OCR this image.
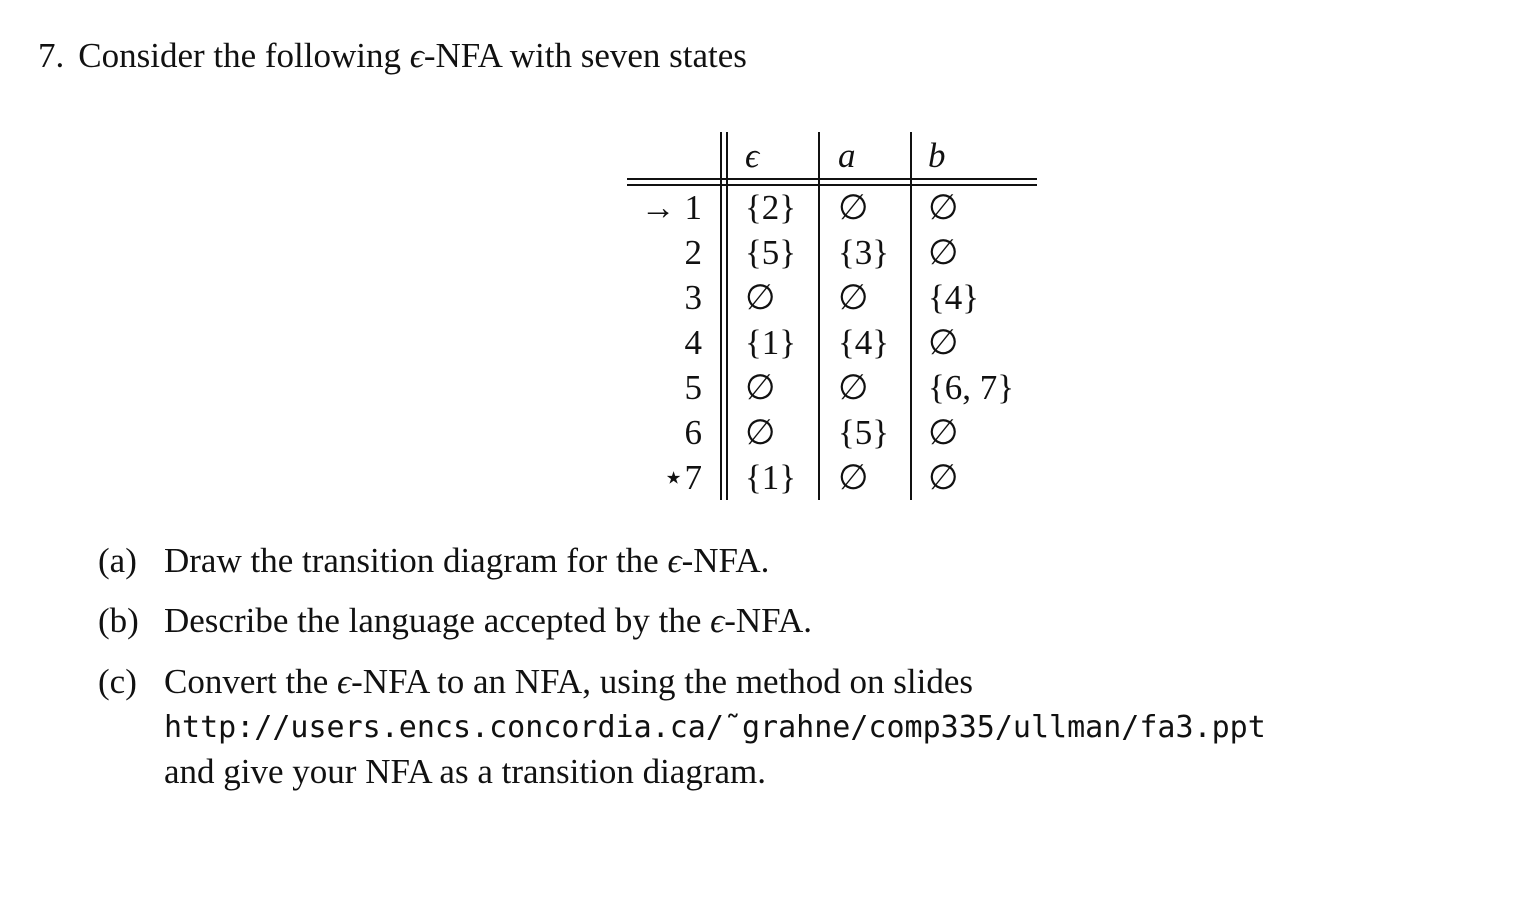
7. Consider the following ϵ-NFA with seven states
ϵ a b
→ 1 {2} ∅ ∅
2 {5} {3} ∅
3 ∅ ∅ {4}
4 {1} {4} ∅
5 ∅ ∅ {6, 7}
6 ∅ {5} ∅
⋆7 {1} ∅ ∅
(a) Draw the transition diagram for the ϵ-NFA.
(b) Describe the language accepted by the ϵ-NFA.
(c) Convert the ϵ-NFA to an NFA, using the method on slides
http://users.encs.concordia.ca/˜grahne/comp335/ullman/fa3.ppt
and give your NFA as a transition diagram.
